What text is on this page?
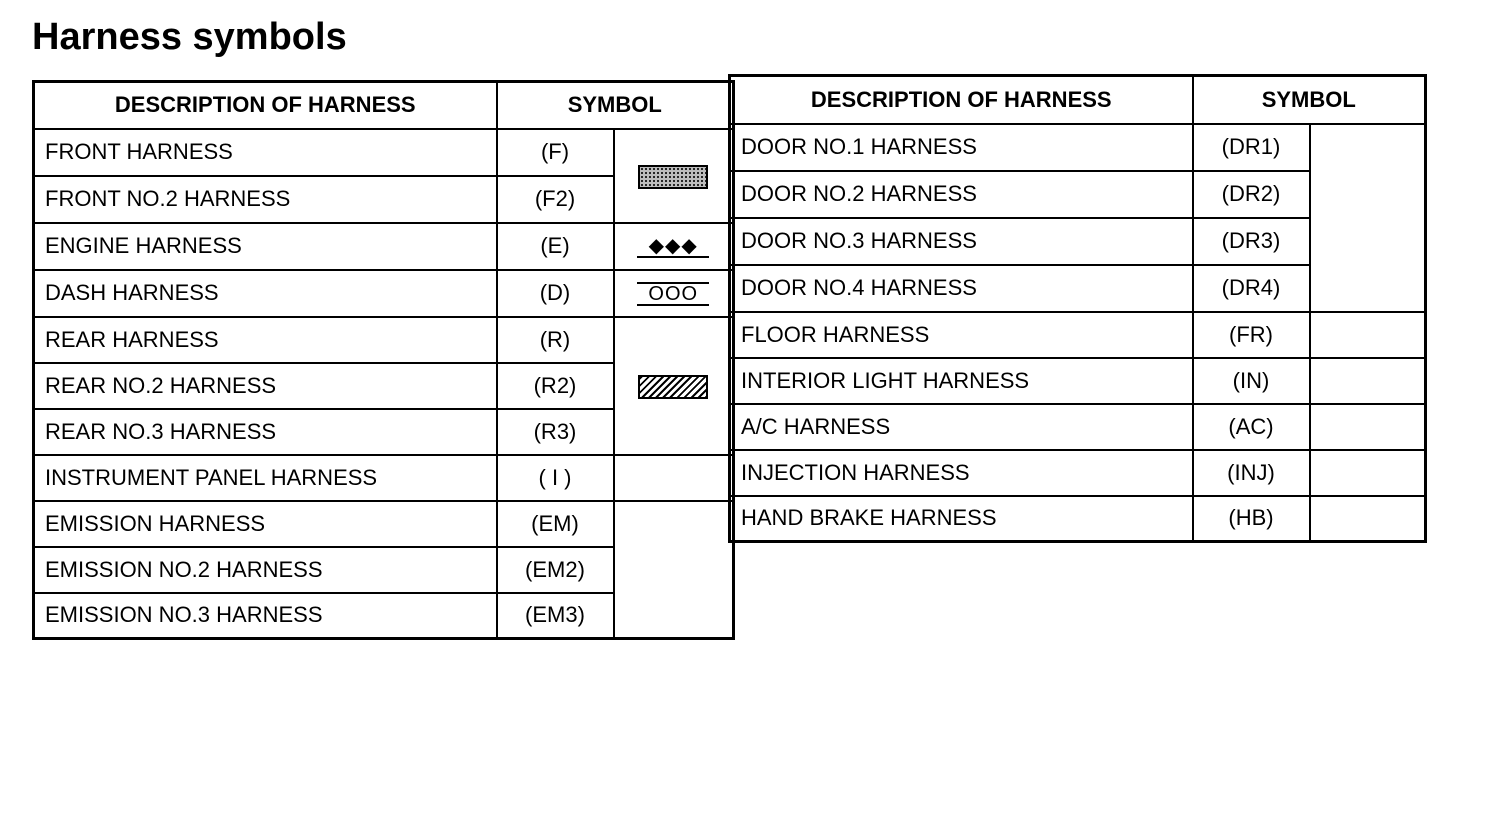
Harness symbols
DESCRIPTION OF HARNESS	SYMBOL	
FRONT HARNESS	(F)	
FRONT NO.2 HARNESS	(F2)	
ENGINE HARNESS	(E)	◆◆◆
DASH HARNESS	(D)	OOO
REAR HARNESS	(R)	
REAR NO.2 HARNESS	(R2)	
REAR NO.3 HARNESS	(R3)	
INSTRUMENT PANEL HARNESS	( I )	
EMISSION HARNESS	(EM)	
EMISSION NO.2 HARNESS	(EM2)	
EMISSION NO.3 HARNESS	(EM3)	
DESCRIPTION OF HARNESS	SYMBOL	
DOOR NO.1 HARNESS	(DR1)	
DOOR NO.2 HARNESS	(DR2)	
DOOR NO.3 HARNESS	(DR3)	
DOOR NO.4 HARNESS	(DR4)	
FLOOR HARNESS	(FR)	
INTERIOR LIGHT HARNESS	(IN)	
A/C HARNESS	(AC)	
INJECTION HARNESS	(INJ)	
HAND BRAKE HARNESS	(HB)	
